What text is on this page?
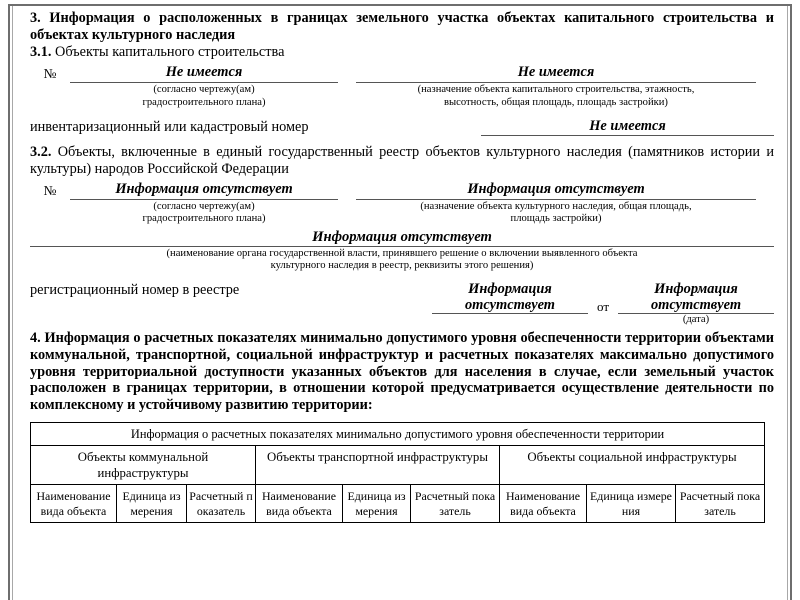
3. Информация о расположенных в границах земельного участка объектах капитального строительства и объектах культурного наследия

3.1. Объекты капитального строительства

№	Не имеется
(согласно чертежу(ам)
градостроительного плана)
Не имеется
(назначение объекта капитального строительства, этажность,
высотность, общая площадь, площадь застройки)
инвентаризационный или кадастровый номер	Не имеется

3.2. Объекты, включенные в единый государственный реестр объектов культурного наследия (памятников истории и культуры) народов Российской Федерации

№	Информация отсутствует
(согласно чертежу(ам)
градостроительного плана)
Информация отсутствует
(назначение объекта культурного наследия, общая площадь,
площадь застройки)
Информация отсутствует
(наименование органа государственной власти, принявшего решение о включении выявленного объекта
культурного наследия в реестр, реквизиты этого решения)
регистрационный номер в реестре	Информация
отсутствует	от
Информация
отсутствует
(дата)

4. Информация о расчетных показателях минимально допустимого уровня обеспеченности территории объектами коммунальной, транспортной, социальной инфраструктур и расчетных показателях максимально допустимого уровня территориальной доступности указанных объектов для населения в случае, если земельный участок расположен в границах территории, в отношении которой предусматривается осуществление деятельности по комплексному и устойчивому развитию территории:

Информация о расчетных показателях минимально допустимого уровня обеспеченности территории								
Объекты коммунальной инфраструктуры			Объекты транспортной инфраструктуры			Объекты социальной инфраструктуры		
Наименование вида объекта	Единица измерения	Расчетный показатель	Наименование вида объекта	Единица измерения	Расчетный показатель	Наименование вида объекта	Единица измерения	Расчетный показатель
